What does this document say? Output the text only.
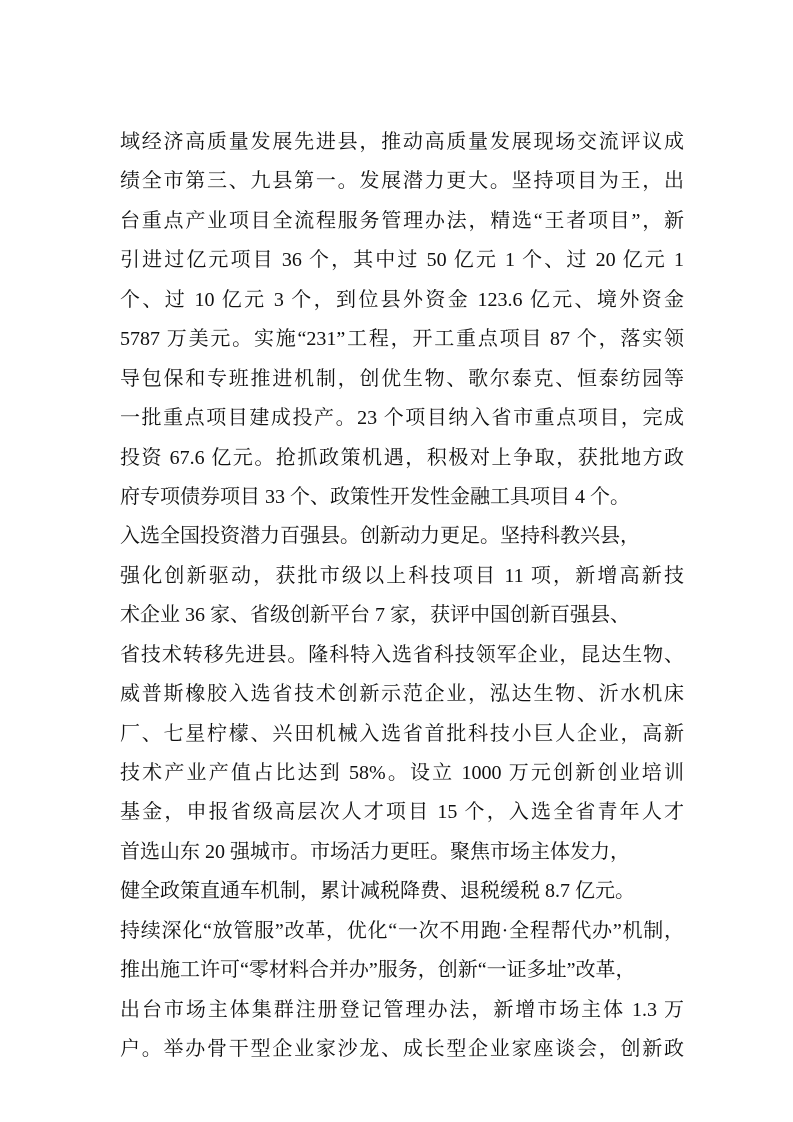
域经济高质量发展先进县，推动高质量发展现场交流评议成
绩全市第三、九县第一。发展潜力更大。坚持项目为王，出
台重点产业项目全流程服务管理办法，精选“王者项目”，新
引进过亿元项目 36 个，其中过 50 亿元 1 个、过 20 亿元 1
个、过 10 亿元 3 个，到位县外资金 123.6 亿元、境外资金
5787 万美元。实施“231”工程，开工重点项目 87 个，落实领
导包保和专班推进机制，创优生物、歌尔泰克、恒泰纺园等
一批重点项目建成投产。23 个项目纳入省市重点项目，完成
投资 67.6 亿元。抢抓政策机遇，积极对上争取，获批地方政
府专项债券项目 33 个、政策性开发性金融工具项目 4 个。
入选全国投资潜力百强县。创新动力更足。坚持科教兴县，
强化创新驱动，获批市级以上科技项目 11 项，新增高新技
术企业 36 家、省级创新平台 7 家，获评中国创新百强县、
省技术转移先进县。隆科特入选省科技领军企业，昆达生物、
威普斯橡胶入选省技术创新示范企业，泓达生物、沂水机床
厂、七星柠檬、兴田机械入选省首批科技小巨人企业，高新
技术产业产值占比达到 58%。设立 1000 万元创新创业培训
基金，申报省级高层次人才项目 15 个，入选全省青年人才
首选山东 20 强城市。市场活力更旺。聚焦市场主体发力，
健全政策直通车机制，累计减税降费、退税缓税 8.7 亿元。
持续深化“放管服”改革，优化“一次不用跑·全程帮代办”机制，
推出施工许可“零材料合并办”服务，创新“一证多址”改革，
出台市场主体集群注册登记管理办法，新增市场主体 1.3 万
户。举办骨干型企业家沙龙、成长型企业家座谈会，创新政
